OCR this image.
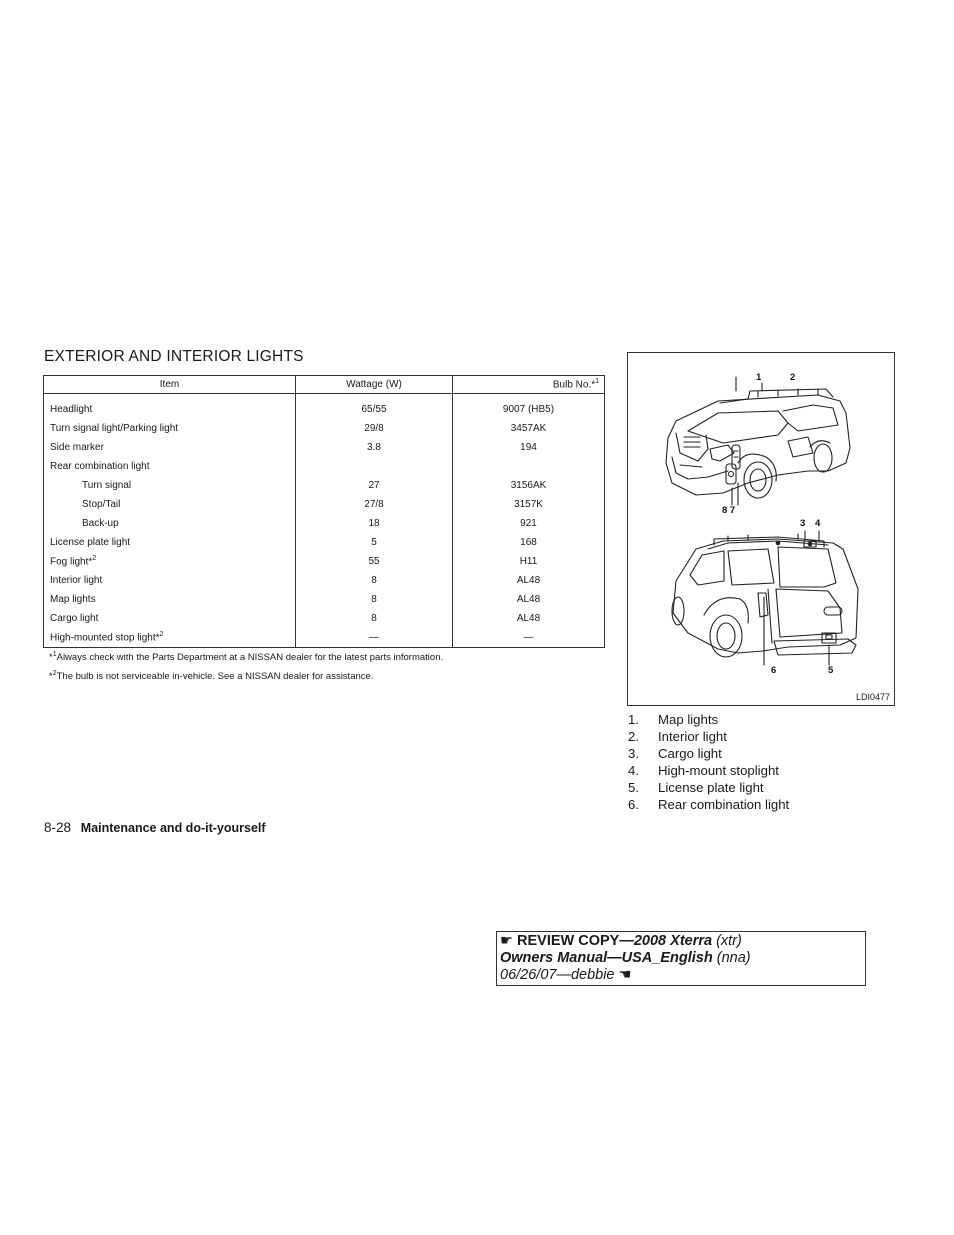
EXTERIOR AND INTERIOR LIGHTS
Item	Wattage (W)	Bulb No.*$^1$
Headlight	65/55	9007 (HB5)
Turn signal light/Parking light	29/8	3457AK
Side marker	3.8	194
Rear combination light		
Turn signal	27	3156AK
Stop/Tail	27/8	3157K
Back-up	18	921
License plate light	5	168
Fog light*$^2$	55	H11
Interior light	8	AL48
Map lights	8	AL48
Cargo light	8	AL48
High-mounted stop light*$^2$	—	—
*$^1$Always check with the Parts Department at a NISSAN dealer for the latest parts information.
*$^2$The bulb is not serviceable in-vehicle. See a NISSAN dealer for assistance.
1	2
8 7
3 4
6	5
LDI0477
1.	Map lights
2.	Interior light
3.	Cargo light
4.	High-mount stoplight
5.	License plate light
6.	Rear combination light
8-28 Maintenance and do-it-yourself
☛ REVIEW COPY—2008 Xterra (xtr)
Owners Manual—USA_English (nna)
06/26/07—debbie ☚
